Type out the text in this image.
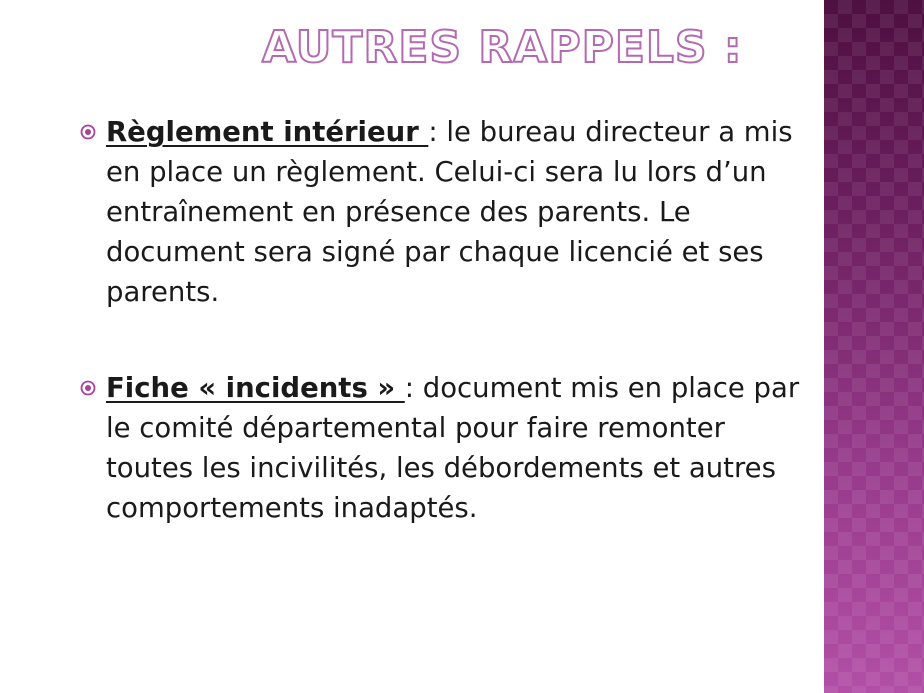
AUTRES RAPPELS :

Règlement intérieur : le bureau directeur a mis en place un règlement. Celui-ci sera lu lors d’un entraînement en présence des parents. Le document sera signé par chaque licencié et ses parents.

Fiche « incidents » : document mis en place par le comité départemental pour faire remonter toutes les incivilités, les débordements et autres comportements inadaptés.
